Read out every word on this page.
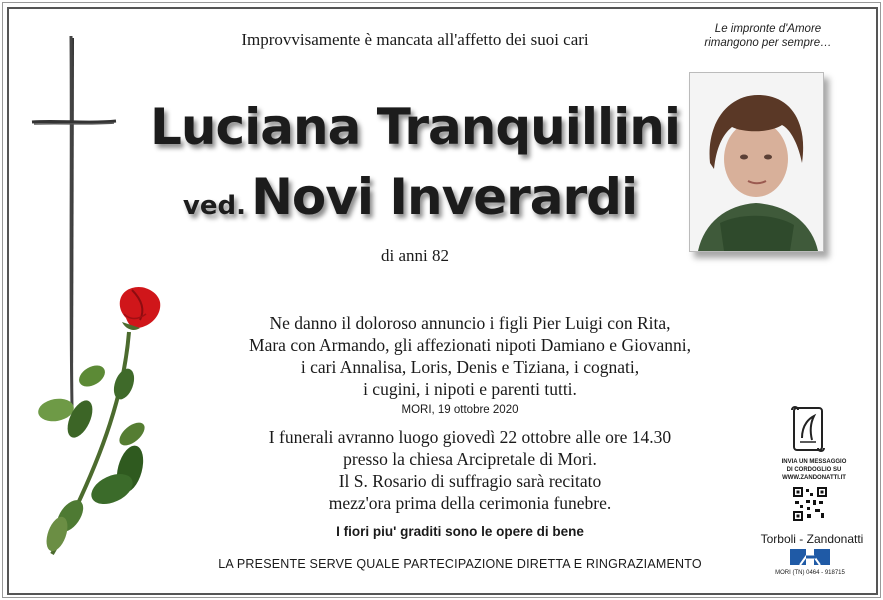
Improvvisamente è mancata all'affetto dei suoi cari
Le impronte d'Amore
rimangono per sempre…
Luciana Tranquillini
ved. Novi Inverardi
di anni 82
Ne danno il doloroso annuncio i figli Pier Luigi con Rita,
Mara con Armando, gli affezionati nipoti Damiano e Giovanni,
i cari Annalisa, Loris, Denis e Tiziana, i cognati,
i cugini, i nipoti e parenti tutti.
MORI, 19 ottobre 2020
I funerali avranno luogo giovedì 22 ottobre alle ore 14.30
presso la chiesa Arcipretale di Mori.
Il S. Rosario di suffragio sarà recitato
mezz'ora prima della cerimonia funebre.
I fiori piu' graditi sono le opere di bene
LA PRESENTE SERVE QUALE PARTECIPAZIONE DIRETTA E RINGRAZIAMENTO
INVIA UN MESSAGGIO
DI CORDOGLIO SU
WWW.ZANDONATTI.IT
Torboli - Zandonatti
MORI (TN) 0464 - 918715
